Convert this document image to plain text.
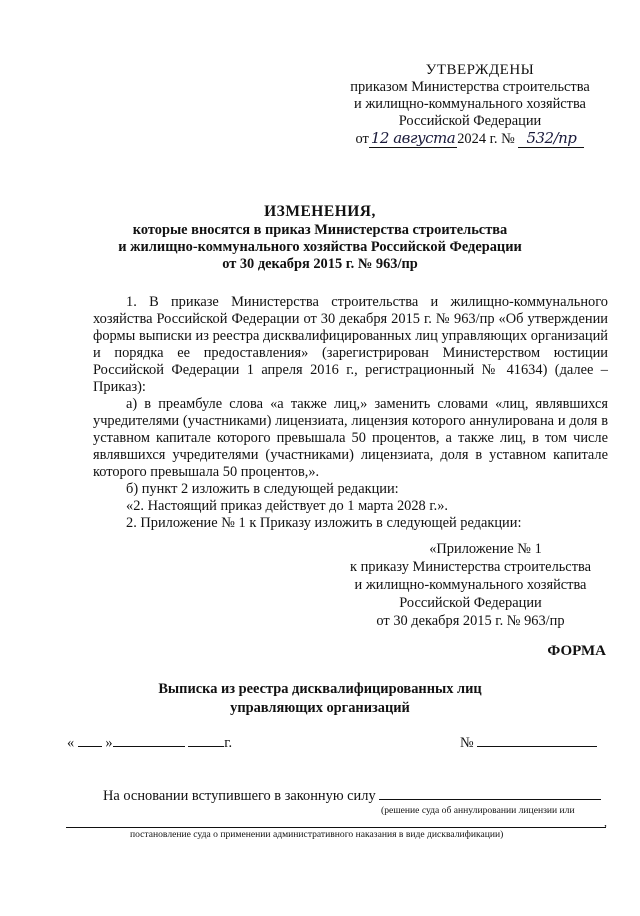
УТВЕРЖДЕНЫ
приказом Министерства строительства
и жилищно-коммунального хозяйства
Российской Федерации
от 12 августа 2024 г. № 532/пр
ИЗМЕНЕНИЯ,
которые вносятся в приказ Министерства строительства
и жилищно-коммунального хозяйства Российской Федерации
от 30 декабря 2015 г. № 963/пр

1. В приказе Министерства строительства и жилищно-коммунального хозяйства Российской Федерации от 30 декабря 2015 г. № 963/пр «Об утверждении формы выписки из реестра дисквалифицированных лиц управляющих организаций и порядка ее предоставления» (зарегистрирован Министерством юстиции Российской Федерации 1 апреля 2016 г., регистрационный № 41634) (далее – Приказ):

а) в преамбуле слова «а также лиц,» заменить словами «лиц, являвшихся учредителями (участниками) лицензиата, лицензия которого аннулирована и доля в уставном капитале которого превышала 50 процентов, а также лиц, в том числе являвшихся учредителями (участниками) лицензиата, доля в уставном капитале которого превышала 50 процентов,».

б) пункт 2 изложить в следующей редакции:

«2. Настоящий приказ действует до 1 марта 2028 г.».

2. Приложение № 1 к Приказу изложить в следующей редакции:

«Приложение № 1
к приказу Министерства строительства
и жилищно-коммунального хозяйства
Российской Федерации
от 30 декабря 2015 г. № 963/пр
ФОРМА
Выписка из реестра дисквалифицированных лиц
управляющих организаций
« »	г.	№
На основании вступившего в законную силу
(решение суда об аннулировании лицензии или
,
постановление суда о применении административного наказания в виде дисквалификации)
